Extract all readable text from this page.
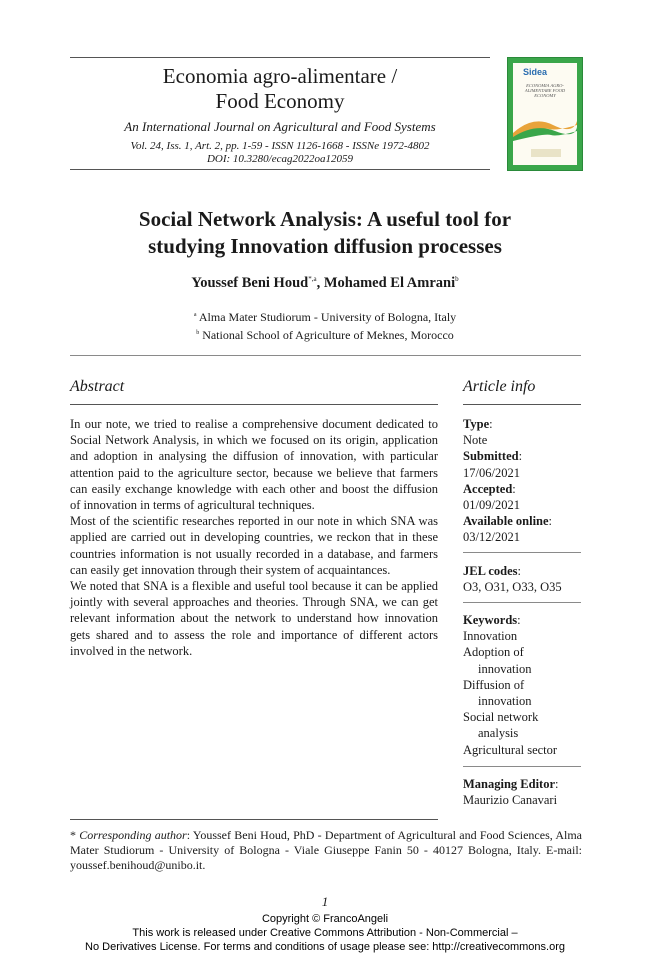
Economia agro-alimentare /
Food Economy
An International Journal on Agricultural and Food Systems
Vol. 24, Iss. 1, Art. 2, pp. 1-59 - ISSN 1126-1668 - ISSNe 1972-4802
DOI: 10.3280/ecag2022oa12059
Sidea
ECONOMIA AGRO-ALIMENTARE FOOD ECONOMY
Social Network Analysis: A useful tool for
studying Innovation diffusion processes
Youssef Beni Houd$^{*,a}$, Mohamed El Amrani$^b$
$^a$ Alma Mater Studiorum - University of Bologna, Italy
$^b$ National School of Agriculture of Meknes, Morocco
Abstract

In our note, we tried to realise a comprehensive document dedicated to Social Network Analysis, in which we focused on its origin, application and adoption in analysing the diffusion of innovation, with particular attention paid to the agriculture sector, because we believe that farmers can easily exchange knowledge with each other and boost the diffusion of innovation in terms of agricultural techniques.

Most of the scientific researches reported in our note in which SNA was applied are carried out in developing countries, we reckon that in these countries information is not usually recorded in a database, and farmers can easily get innovation through their system of acquaintances.

We noted that SNA is a flexible and useful tool because it can be applied jointly with several approaches and theories. Through SNA, we can get relevant information about the network to understand how innovation gets shared and to assess the role and importance of different actors involved in the network.

Article info
Type:
Note
Submitted:
17/06/2021
Accepted:
01/09/2021
Available online:
03/12/2021
JEL codes:
O3, O31, O33, O35
Keywords:
Innovation
Adoption of
innovation
Diffusion of
innovation
Social network
analysis
Agricultural sector
Managing Editor:
Maurizio Canavari
* Corresponding author: Youssef Beni Houd, PhD - Department of Agricultural and Food Sciences, Alma Mater Studiorum - University of Bologna - Viale Giuseppe Fanin 50 - 40127 Bologna, Italy. E-mail: youssef.benihoud@unibo.it.
1
Copyright © FrancoAngeli
This work is released under Creative Commons Attribution - Non-Commercial –
No Derivatives License. For terms and conditions of usage please see: http://creativecommons.org
